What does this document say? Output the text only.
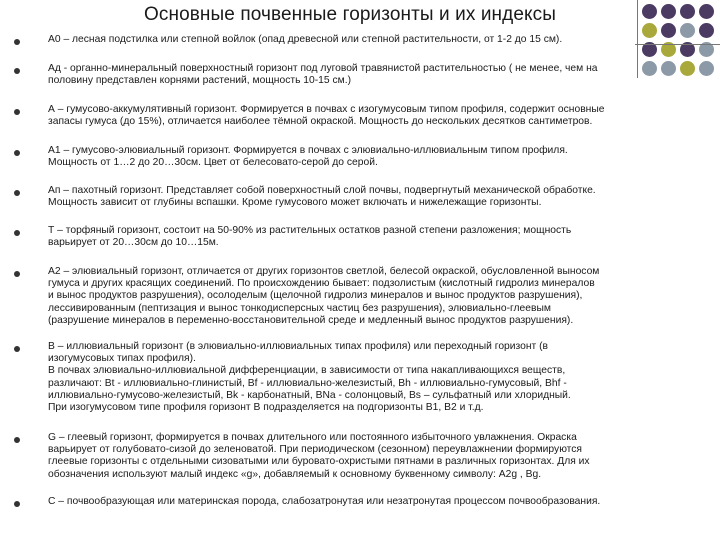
Основные почвенные горизонты и их индексы

А0 – лесная подстилка или степной войлок (опад древесной или степной растительности, от 1-2 до 15 см).

Ад - органно-минеральный поверхностный горизонт под луговой травянистой растительностью ( не менее, чем на

половину представлен корнями растений, мощность 10-15 см.)

А – гумусово-аккумулятивный горизонт. Формируется в почвах с изогумусовым типом профиля, содержит основные

запасы гумуса (до 15%), отличается наиболее тёмной окраской. Мощность до нескольких десятков сантиметров.

А1 – гумусово-элювиальный горизонт. Формируется в почвах с элювиально-иллювиальным типом профиля.

Мощность от 1…2 до 20…30см. Цвет от белесовато-серой до серой.

Ап – пахотный горизонт. Представляет собой поверхностный слой почвы, подвергнутый механической обработке.

Мощность зависит от глубины вспашки. Кроме гумусового может включать и нижележащие горизонты.

Т – торфяный горизонт, состоит на 50-90% из растительных остатков разной степени разложения; мощность

варьирует от 20…30см до 10…15м.

А2 – элювиальный горизонт, отличается от других горизонтов светлой, белесой окраской, обусловленной выносом

гумуса и других красящих соединений. По происхождению бывает: подзолистым (кислотный гидролиз минералов

и вынос продуктов разрушения), осолоделым (щелочной гидролиз минералов и вынос продуктов разрушения),

лессивированным (пептизация и вынос тонкодисперсных частиц без разрушения), элювиально-глеевым

(разрушение минералов в переменно-восстановительной среде и медленный вынос продуктов разрушения).

В – иллювиальный горизонт (в элювиально-иллювиальных типах профиля) или переходный горизонт (в

изогумусовых типах профиля).

В почвах элювиально-иллювиальной дифференциации, в зависимости от типа накапливающихся веществ,

различают: Bt - иллювиально-глинистый, Bf - иллювиально-железистый, Bh - иллювиально-гумусовый, Bhf -

иллювиально-гумусово-железистый, Bk - карбонатный, BNa - солонцовый, Bs – сульфатный или хлоридный.

При изогумусовом типе профиля горизонт В подразделяется на подгоризонты В1, В2 и т.д.

G – глеевый горизонт, формируется в почвах длительного или постоянного избыточного увлажнения. Окраска

варьирует от голубовато-сизой до зеленоватой. При периодическом (сезонном) переувлажнении формируются

глеевые горизонты с отдельными сизоватыми или буровато-охристыми пятнами в различных горизонтах. Для их

обозначения используют малый индекс «g», добавляемый к основному буквенному символу: A2g , Bg.

С – почвообразующая или материнская порода, слабозатронутая или незатронутая процессом почвообразования.
